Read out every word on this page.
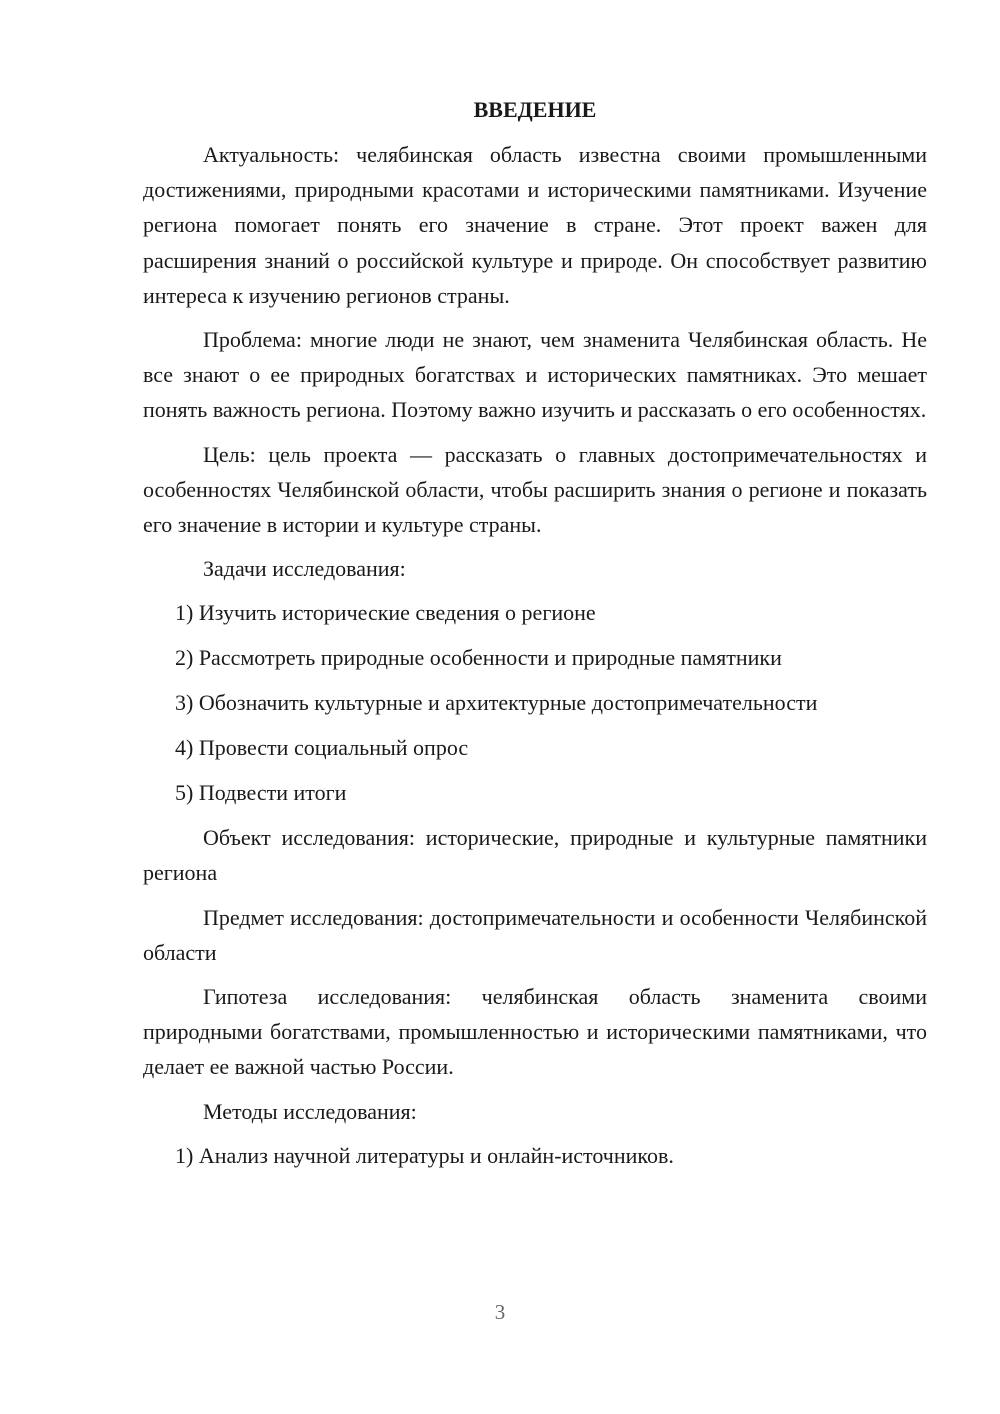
ВВЕДЕНИЕ

Актуальность: челябинская область известна своими промышленными достижениями, природными красотами и историческими памятниками. Изучение региона помогает понять его значение в стране. Этот проект важен для расширения знаний о российской культуре и природе. Он способствует развитию интереса к изучению регионов страны.

Проблема: многие люди не знают, чем знаменита Челябинская область. Не все знают о ее природных богатствах и исторических памятниках. Это мешает понять важность региона. Поэтому важно изучить и рассказать о его особенностях.

Цель: цель проекта — рассказать о главных достопримечательностях и особенностях Челябинской области, чтобы расширить знания о регионе и показать его значение в истории и культуре страны.

Задачи исследования:

1) Изучить исторические сведения о регионе

2) Рассмотреть природные особенности и природные памятники

3) Обозначить культурные и архитектурные достопримечательности

4) Провести социальный опрос

5) Подвести итоги

Объект исследования: исторические, природные и культурные памятники региона

Предмет исследования: достопримечательности и особенности Челябинской области

Гипотеза исследования: челябинская область знаменита своими природными богатствами, промышленностью и историческими памятниками, что делает ее важной частью России.

Методы исследования:

1) Анализ научной литературы и онлайн-источников.

3
